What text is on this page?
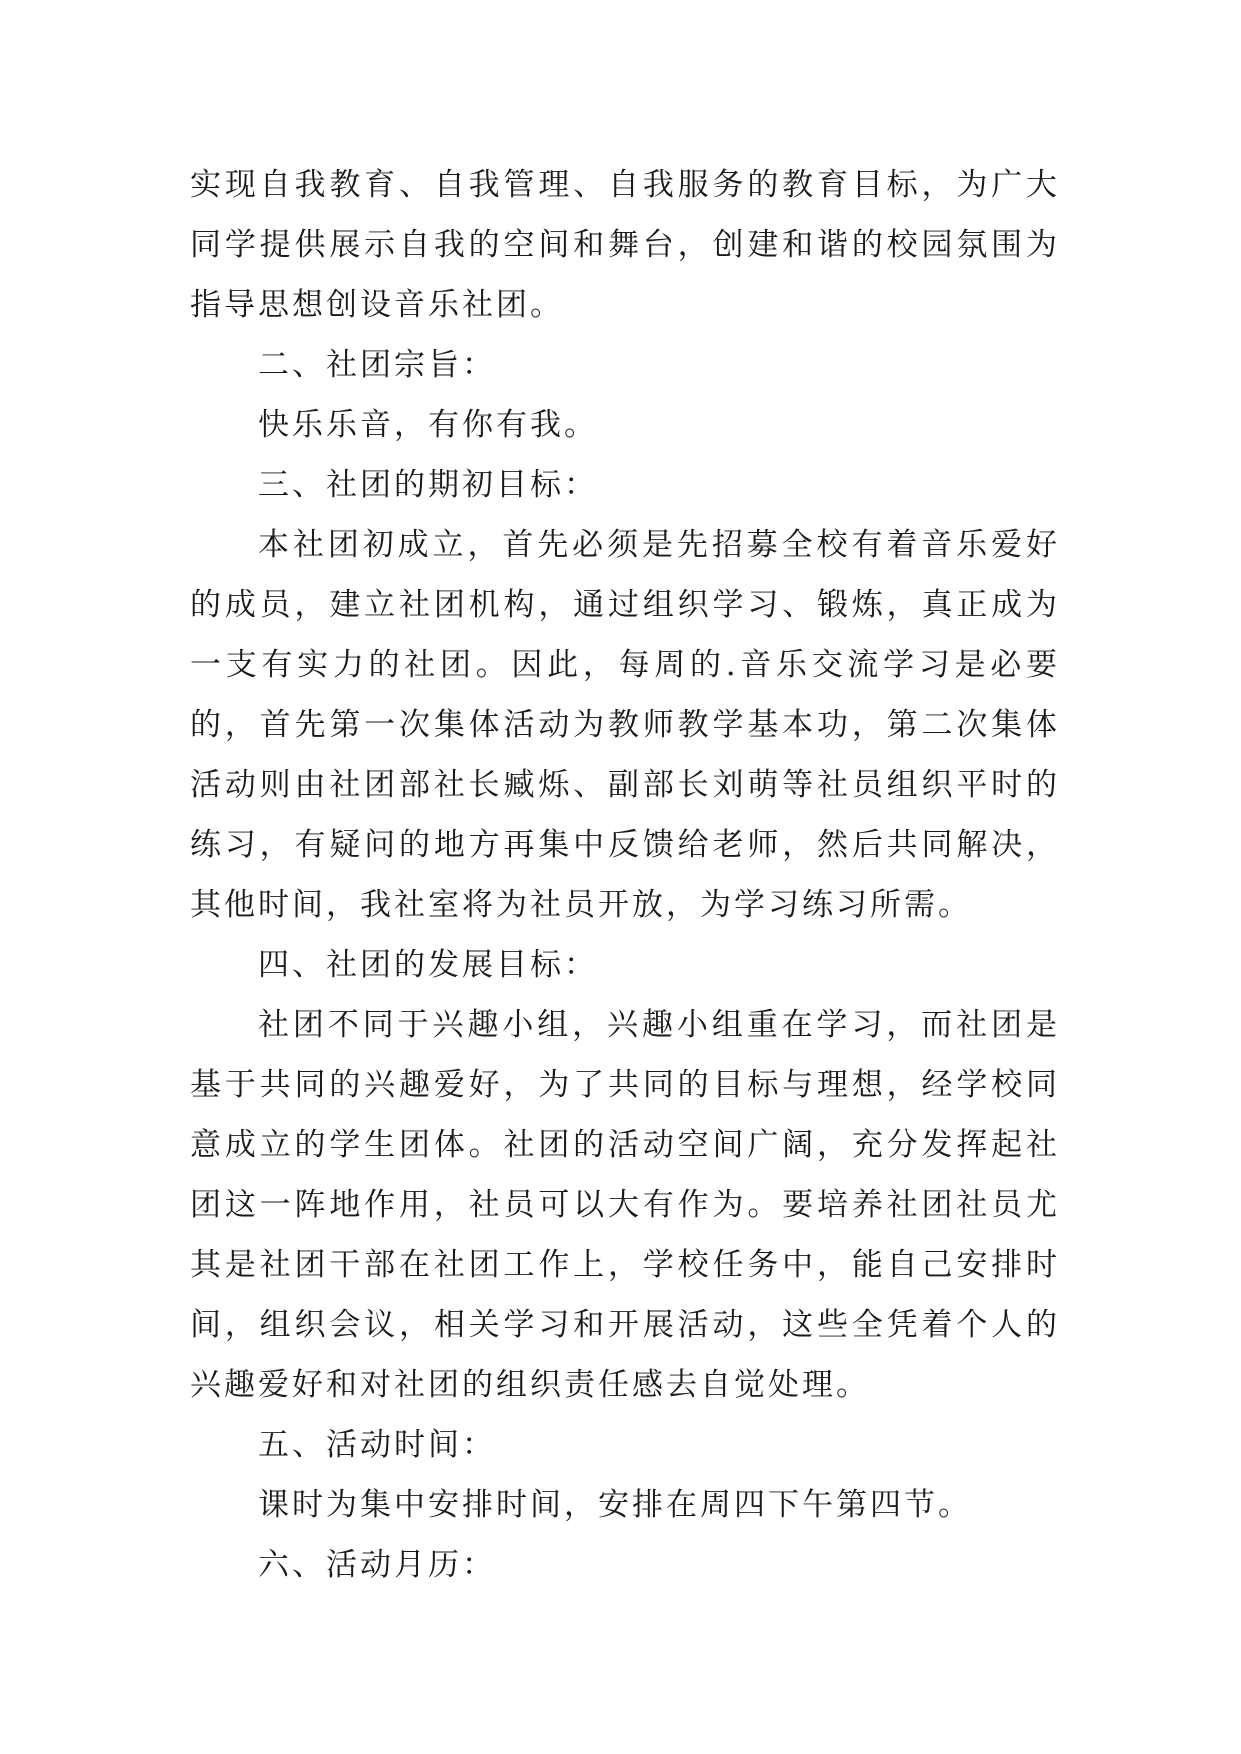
实现自我教育、自我管理、自我服务的教育目标，为广大同学提供展示自我的空间和舞台，创建和谐的校园氛围为指导思想创设音乐社团。

二、社团宗旨：

快乐乐音，有你有我。

三、社团的期初目标：

本社团初成立，首先必须是先招募全校有着音乐爱好的成员，建立社团机构，通过组织学习、锻炼，真正成为一支有实力的社团。因此，每周的.音乐交流学习是必要的，首先第一次集体活动为教师教学基本功，第二次集体活动则由社团部社长臧烁、副部长刘萌等社员组织平时的练习，有疑问的地方再集中反馈给老师，然后共同解决，其他时间，我社室将为社员开放，为学习练习所需。

四、社团的发展目标：

社团不同于兴趣小组，兴趣小组重在学习，而社团是基于共同的兴趣爱好，为了共同的目标与理想，经学校同意成立的学生团体。社团的活动空间广阔，充分发挥起社团这一阵地作用，社员可以大有作为。要培养社团社员尤其是社团干部在社团工作上，学校任务中，能自己安排时间，组织会议，相关学习和开展活动，这些全凭着个人的兴趣爱好和对社团的组织责任感去自觉处理。

五、活动时间：

课时为集中安排时间，安排在周四下午第四节。

六、活动月历：
